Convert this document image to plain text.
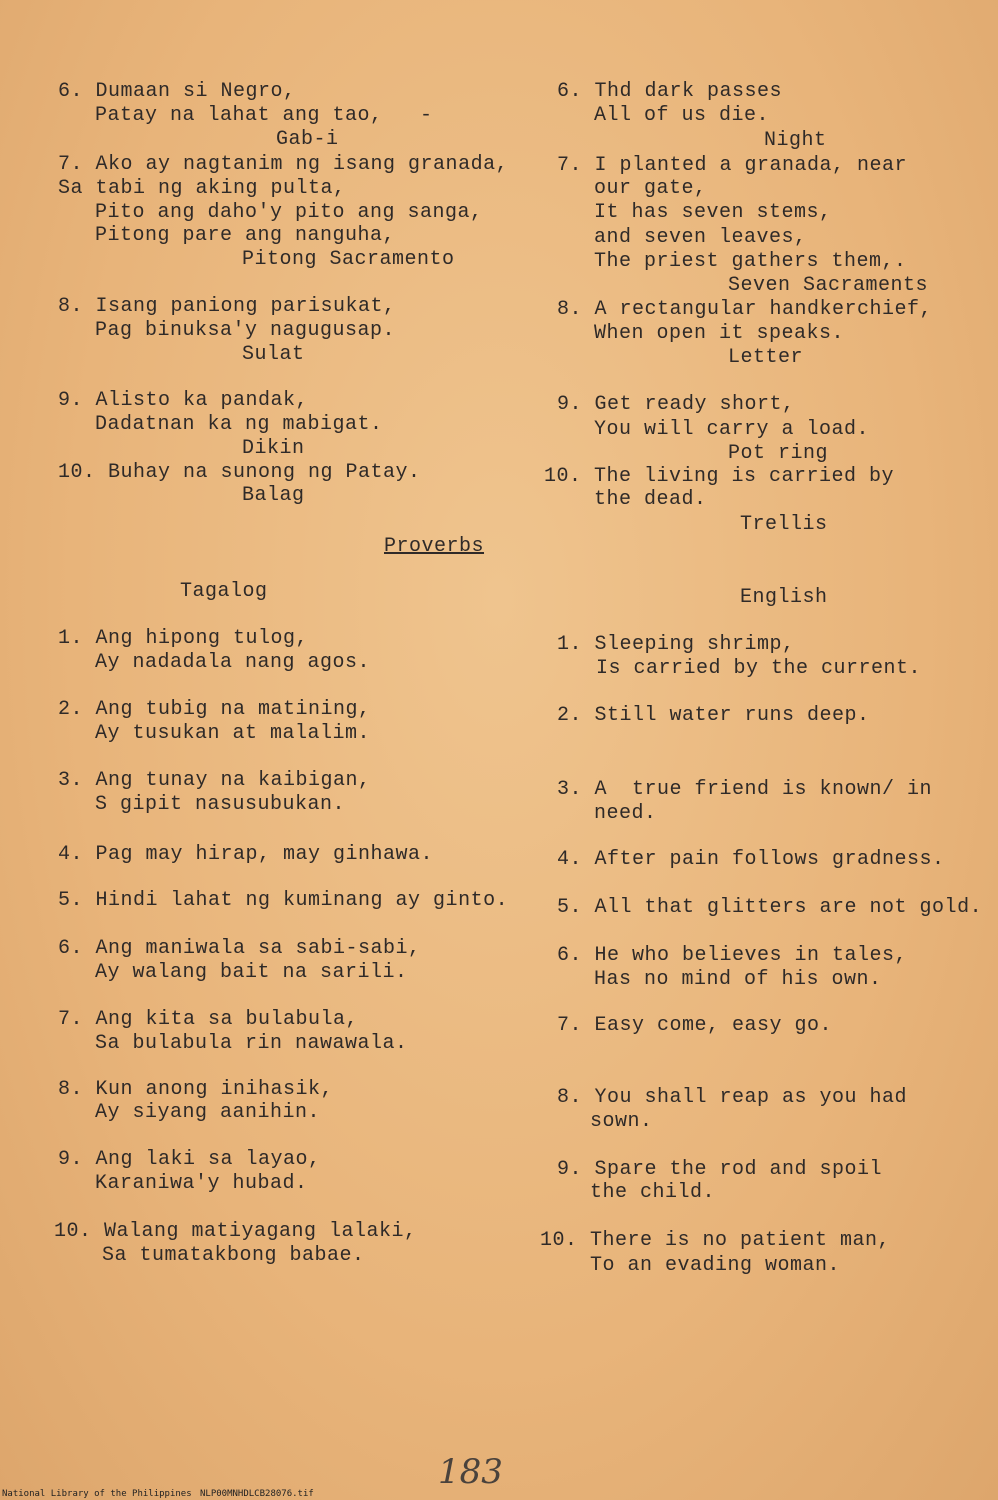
6. Dumaan si Negro,
Patay na lahat ang tao,   -
Gab-i
7. Ako ay nagtanim ng isang granada,
Sa tabi ng aking pulta,
Pito ang daho'y pito ang sanga,
Pitong pare ang nanguha,
Pitong Sacramento
8. Isang paniong parisukat,
Pag binuksa'y nagugusap.
Sulat
9. Alisto ka pandak,
Dadatnan ka ng mabigat.
Dikin
10. Buhay na sunong ng Patay.
Balag
6. Thd dark passes
All of us die.
Night
7. I planted a granada, near
our gate,
It has seven stems,
and seven leaves,
The priest gathers them,.
Seven Sacraments
8. A rectangular handkerchief,
When open it speaks.
Letter
9. Get ready short,
You will carry a load.
Pot ring
10. The living is carried by
the dead.
Trellis
Proverbs
Tagalog	English
1. Ang hipong tulog,
Ay nadadala nang agos.
2. Ang tubig na matining,
Ay tusukan at malalim.
3. Ang tunay na kaibigan,
S gipit nasusubukan.
4. Pag may hirap, may ginhawa.
5. Hindi lahat ng kuminang ay ginto.
6. Ang maniwala sa sabi-sabi,
Ay walang bait na sarili.
7. Ang kita sa bulabula,
Sa bulabula rin nawawala.
8. Kun anong inihasik,
Ay siyang aanihin.
9. Ang laki sa layao,
Karaniwa'y hubad.
10. Walang matiyagang lalaki,
Sa tumatakbong babae.
1. Sleeping shrimp,
Is carried by the current.
2. Still water runs deep.
3. A  true friend is known/ in
need.
4. After pain follows gradness.
5. All that glitters are not gold.
6. He who believes in tales,
Has no mind of his own.
7. Easy come, easy go.
8. You shall reap as you had
sown.
9. Spare the rod and spoil
the child.
10. There is no patient man,
To an evading woman.
183
National Library of the Philippines NLP00MNHDLCB28076.tif
